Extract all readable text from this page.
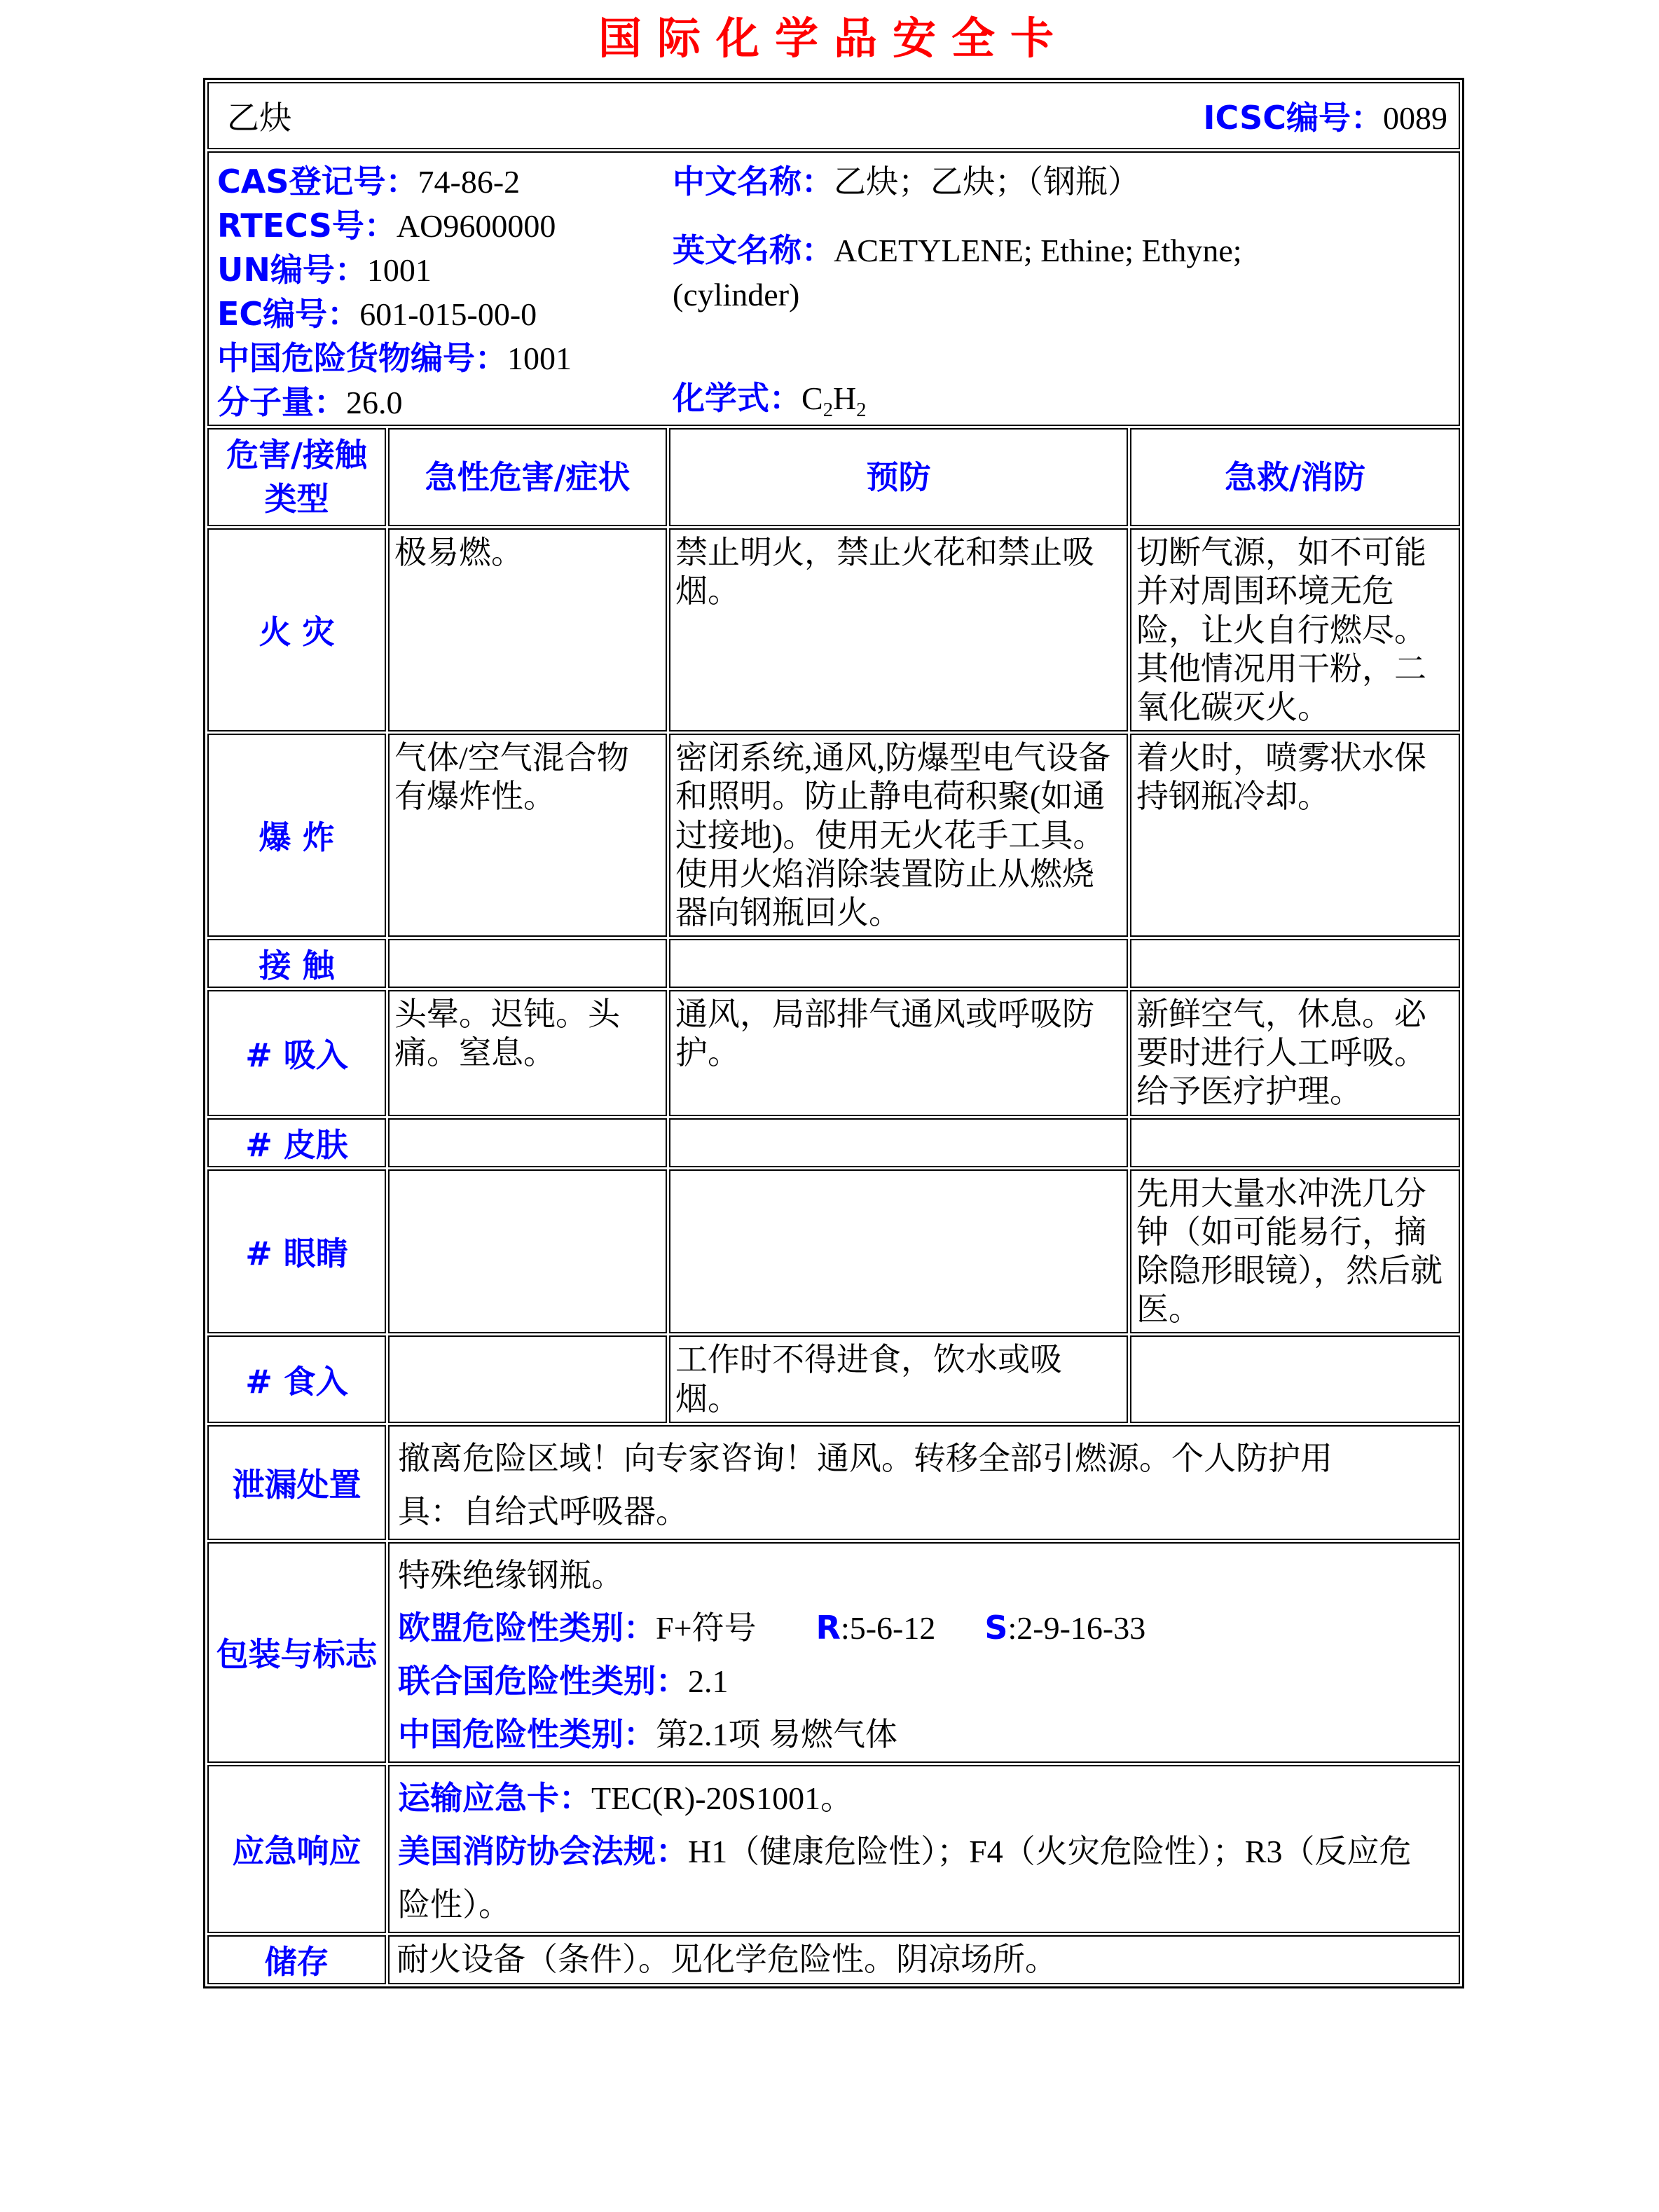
国际化学品安全卡
乙炔 ICSC编号：0089			

CAS登记号：74-86-2
RTECS号：AO9600000
UN编号：1001
EC编号：601-015-00-0
中国危险货物编号：1001
分子量：26.0
中文名称：乙炔；乙炔；（钢瓶）
英文名称：ACETYLENE; Ethine; Ethyne; (cylinder)
化学式：$C_2H_2$

危害/接触类型	急性危害/症状	预防	急救/消防
火 灾	极易燃。	禁止明火，禁止火花和禁止吸烟。	切断气源，如不可能并对周围环境无危险，让火自行燃尽。其他情况用干粉，二氧化碳灭火。
爆 炸	气体/空气混合物有爆炸性。	密闭系统,通风,防爆型电气设备和照明。防止静电荷积聚(如通过接地)。使用无火花手工具。使用火焰消除装置防止从燃烧器向钢瓶回火。	着火时，喷雾状水保持钢瓶冷却。
接 触			
# 吸入	头晕。迟钝。头痛。窒息。	通风，局部排气通风或呼吸防护。	新鲜空气，休息。必要时进行人工呼吸。给予医疗护理。
# 皮肤			
# 眼睛			先用大量水冲洗几分钟（如可能易行，摘除隐形眼镜），然后就医。
# 食入		工作时不得进食，饮水或吸烟。	
泄漏处置	撤离危险区域！向专家咨询！通风。转移全部引燃源。个人防护用具：自给式呼吸器。		

包装与标志	特殊绝缘钢瓶。
欧盟危险性类别：F+符号 R:5-6-12 S:2-9-16-33
联合国危险性类别：2.1
中国危险性类别：第2.1项 易燃气体		

应急响应	运输应急卡：TEC(R)-20S1001。
美国消防协会法规：H1（健康危险性）；F4（火灾危险性）；R3（反应危险性）。		

储存	耐火设备（条件）。见化学危险性。阴凉场所。		
